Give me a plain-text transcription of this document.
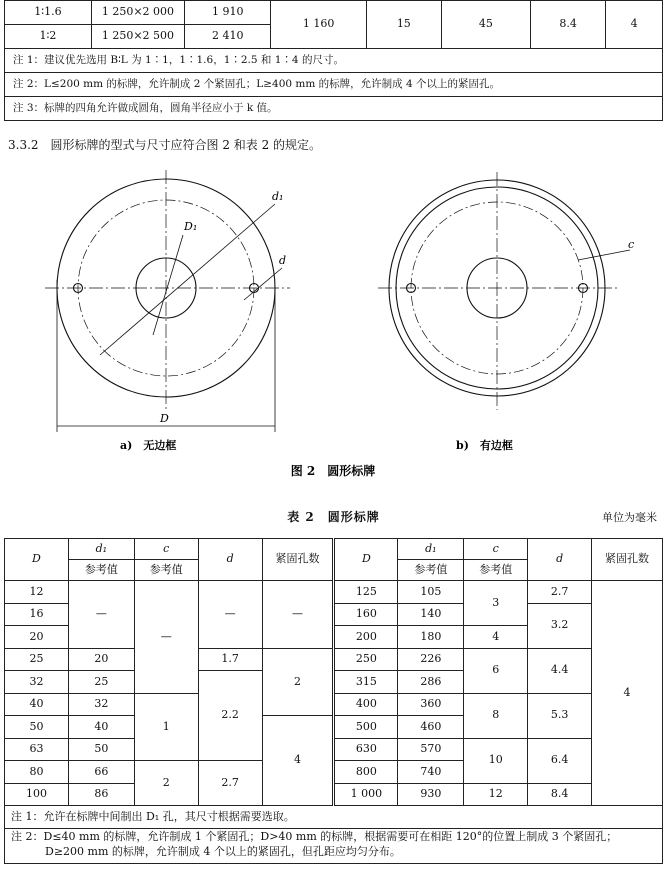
1∶1.6	1 250×2 000	1 910	1 160	15	45	8.4	4
1∶2	1 250×2 500	2 410					
注 1：建议优先选用 B∶L 为 1∶1，1∶1.6，1∶2.5 和 1∶4 的尺寸。							
注 2：L≤200 mm 的标牌，允许制成 2 个紧固孔；L≥400 mm 的标牌，允许制成 4 个以上的紧固孔。							
注 3：标牌的四角允许做成圆角，圆角半径应小于 k 值。							
3.3.2　圆形标牌的型式与尺寸应符合图 2 和表 2 的规定。
d₁
D₁
d
D
c
a)　无边框	b)　有边框
图 2　圆形标牌
表 2　圆形标牌	单位为毫米
D	d₁	c	d	紧固孔数	D	d₁	c	d	紧固孔数
	参考值	参考值				参考值	参考值		
12	—	—	—	—	125	105	3	2.7	4
16					160	140		3.2	
20					200	180	4		
25	20		1.7	2	250	226	6	4.4	
32	25		2.2		315	286			
40	32	1			400	360	8	5.3	
50	40			4	500	460			
63	50				630	570	10	6.4	
80	66	2	2.7		800	740			
100	86				1 000	930	12	8.4	
注 1：允许在标牌中间制出 D₁ 孔，其尺寸根据需要选取。									

注 2：D≤40 mm 的标牌，允许制成 1 个紧固孔；D>40 mm 的标牌，根据需要可在相距 120°的位置上制成 3 个紧固孔；
D≥200 mm 的标牌，允许制成 4 个以上的紧固孔，但孔距应均匀分布。									
